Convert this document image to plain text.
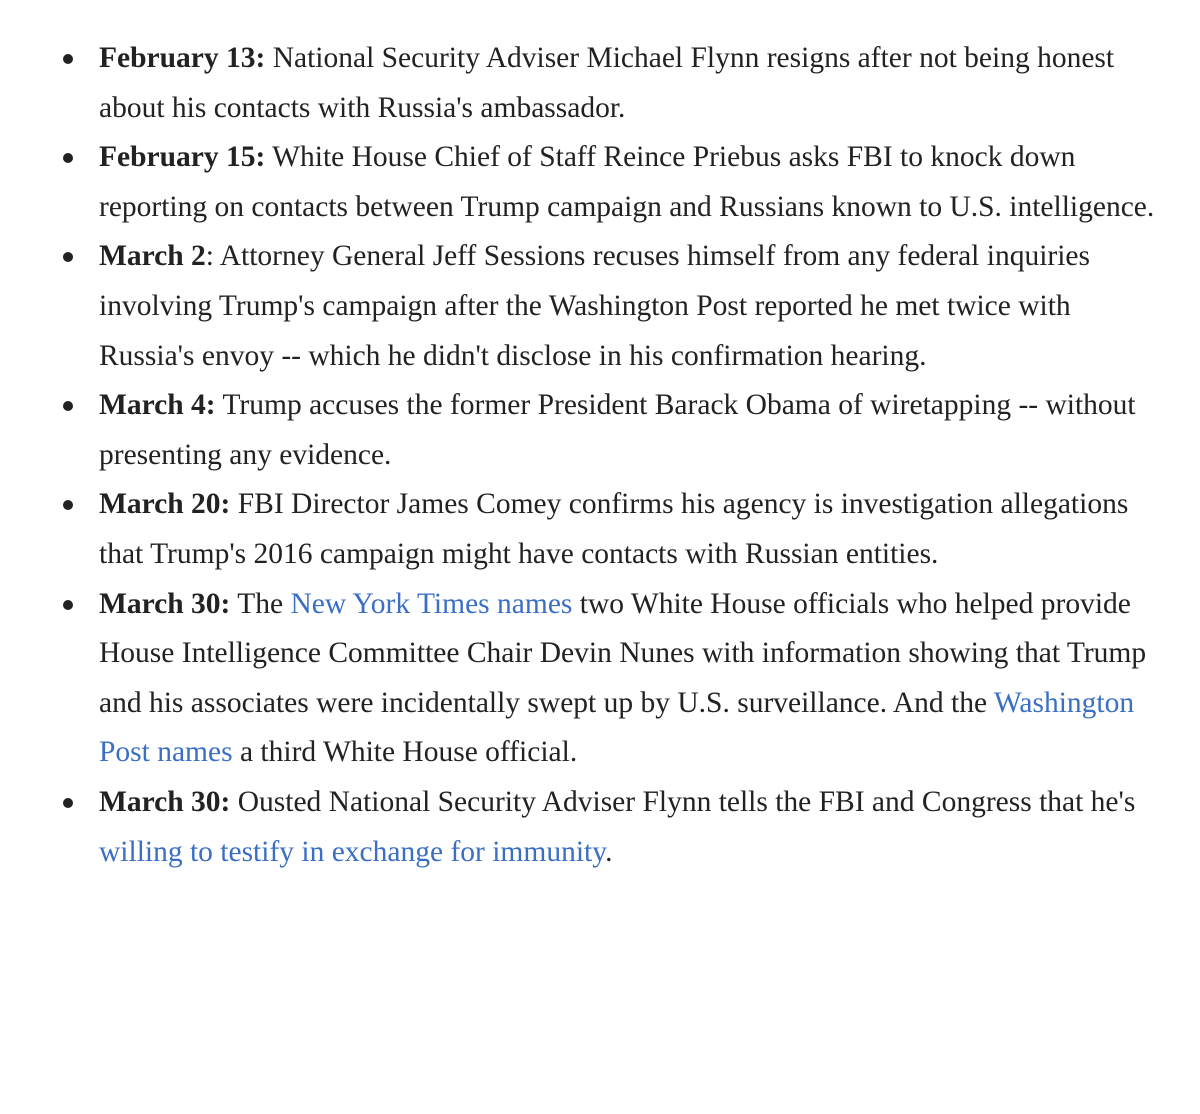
February 13: National Security Adviser Michael Flynn resigns after not being honest about his contacts with Russia's ambassador.
February 15: White House Chief of Staff Reince Priebus asks FBI to knock down reporting on contacts between Trump campaign and Russians known to U.S. intelligence.
March 2: Attorney General Jeff Sessions recuses himself from any federal inquiries involving Trump's campaign after the Washington Post reported he met twice with Russia's envoy -- which he didn't disclose in his confirmation hearing.
March 4: Trump accuses the former President Barack Obama of wiretapping -- without presenting any evidence.
March 20: FBI Director James Comey confirms his agency is investigation allegations that Trump's 2016 campaign might have contacts with Russian entities.
March 30: The New York Times names two White House officials who helped provide House Intelligence Committee Chair Devin Nunes with information showing that Trump and his associates were incidentally swept up by U.S. surveillance. And the Washington Post names a third White House official.
March 30: Ousted National Security Adviser Flynn tells the FBI and Congress that he's willing to testify in exchange for immunity.
